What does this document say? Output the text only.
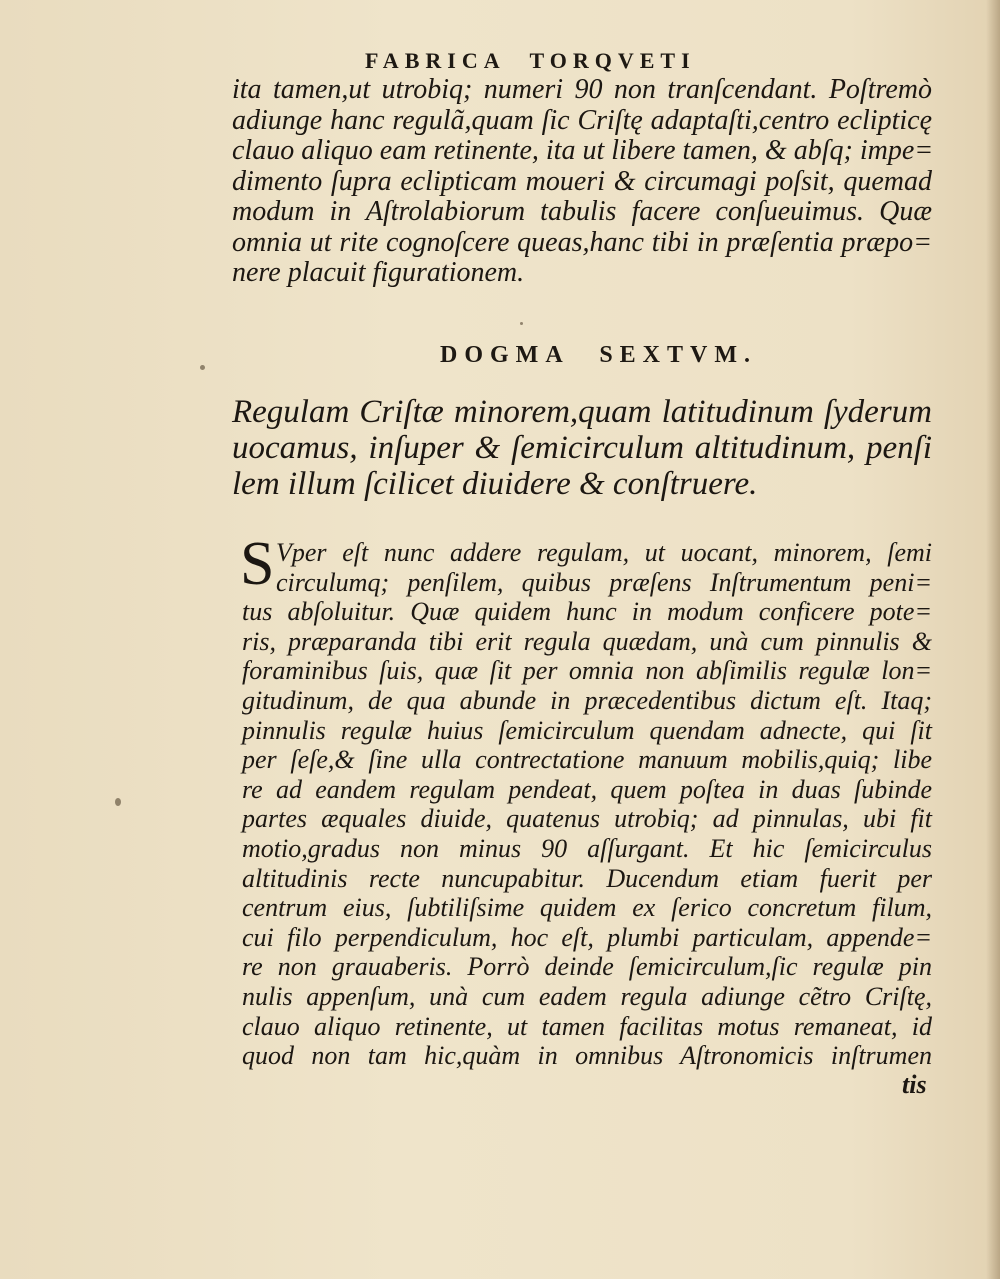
FABRICA TORQVETI
ita tamen,ut utrobiq; numeri 90 non tranſcendant. Poſtremò
adiunge hanc regulã,quam ſic Criſtę adaptaſti,centro eclipticę
clauo aliquo eam retinente, ita ut libere tamen, & abſq; impe=
dimento ſupra eclipticam moueri & circumagi poſsit, quemad
modum in Aſtrolabiorum tabulis facere conſueuimus. Quæ
omnia ut rite cognoſcere queas,hanc tibi in præſentia præpo=
nere placuit figurationem.
DOGMA SEXTVM.
Regulam Criſtæ minorem,quam latitudinum ſyderum
uocamus, inſuper & ſemicirculum altitudinum, penſi
lem illum ſcilicet diuidere & conſtruere.
S Vper eſt nunc addere regulam, ut uocant, minorem, ſemi
circulumq; penſilem, quibus præſens Inſtrumentum peni=
tus abſoluitur. Quæ quidem hunc in modum conficere pote=
ris, præparanda tibi erit regula quædam, unà cum pinnulis &
foraminibus ſuis, quæ ſit per omnia non abſimilis regulæ lon=
gitudinum, de qua abunde in præcedentibus dictum eſt. Itaq;
pinnulis regulæ huius ſemicirculum quendam adnecte, qui ſit
per ſeſe,& ſine ulla contrectatione manuum mobilis,quiq; libe
re ad eandem regulam pendeat, quem poſtea in duas ſubinde
partes æquales diuide, quatenus utrobiq; ad pinnulas, ubi fit
motio,gradus non minus 90 aſſurgant. Et hic ſemicirculus
altitudinis recte nuncupabitur. Ducendum etiam fuerit per
centrum eius, ſubtiliſsime quidem ex ſerico concretum filum,
cui filo perpendiculum, hoc eſt, plumbi particulam, appende=
re non grauaberis. Porrò deinde ſemicirculum,ſic regulæ pin
nulis appenſum, unà cum eadem regula adiunge cẽtro Criſtę,
clauo aliquo retinente, ut tamen facilitas motus remaneat, id
quod non tam hic,quàm in omnibus Aſtronomicis inſtrumen
tis
